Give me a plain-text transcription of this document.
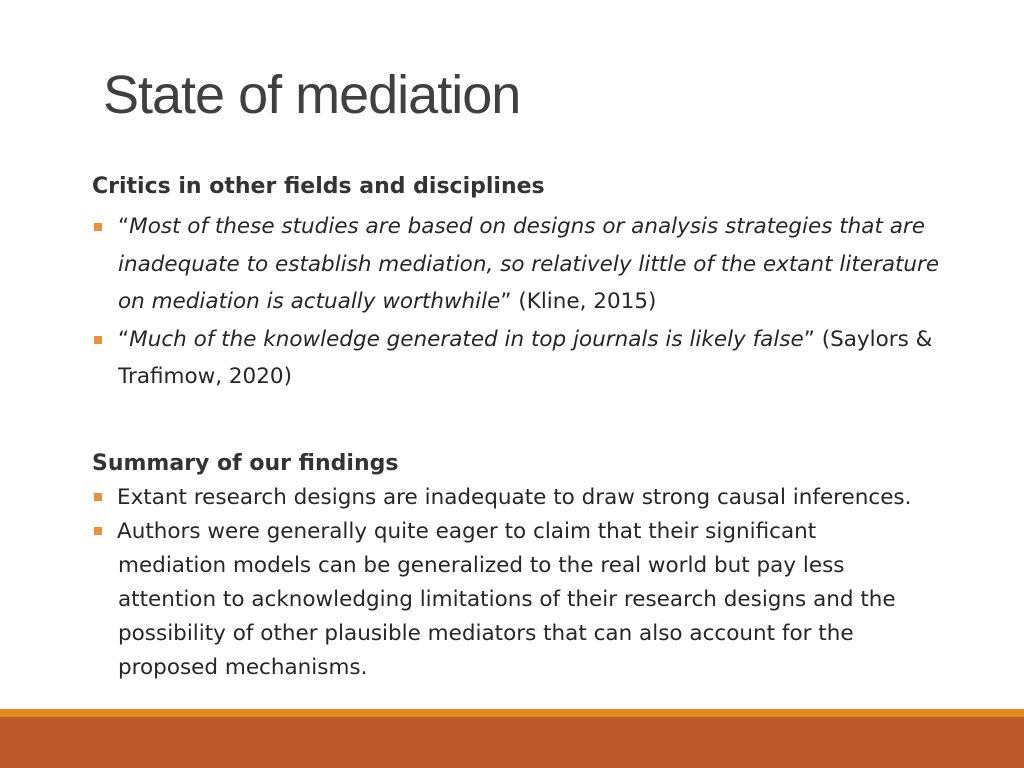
State of mediation
Critics in other fields and disciplines
“Most of these studies are based on designs or analysis strategies that are
inadequate to establish mediation, so relatively little of the extant literature
on mediation is actually worthwhile” (Kline, 2015)
“Much of the knowledge generated in top journals is likely false” (Saylors &
Trafimow, 2020)
Summary of our findings
Extant research designs are inadequate to draw strong causal inferences.
Authors were generally quite eager to claim that their significant
mediation models can be generalized to the real world but pay less
attention to acknowledging limitations of their research designs and the
possibility of other plausible mediators that can also account for the
proposed mechanisms.
